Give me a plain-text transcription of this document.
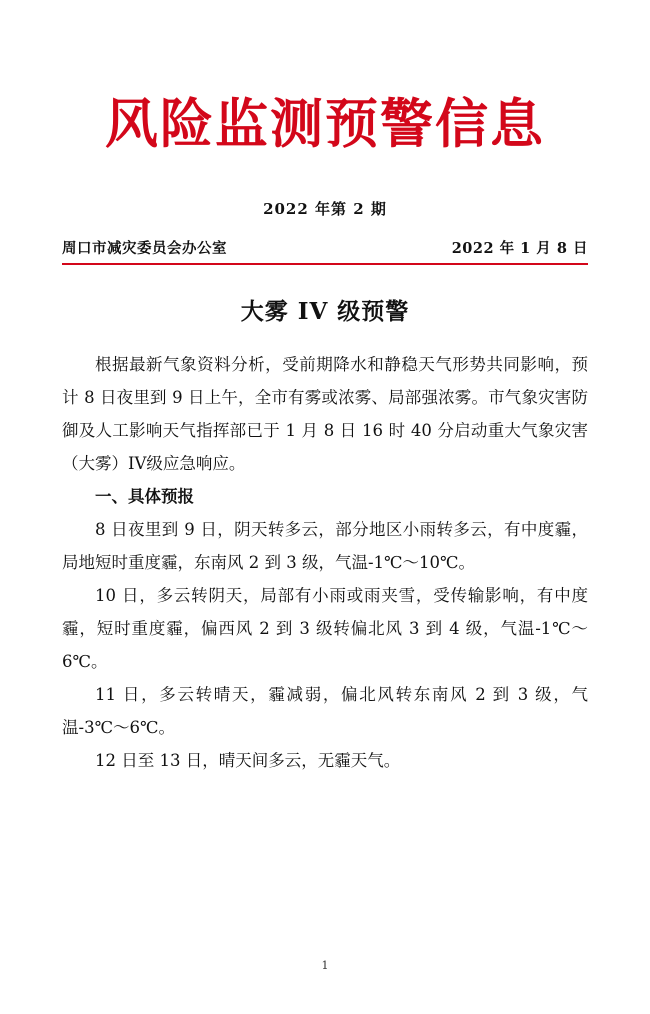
风险监测预警信息
2022 年第 2 期
周口市减灾委员会办公室	2022 年 1 月 8 日
大雾 IV 级预警

根据最新气象资料分析，受前期降水和静稳天气形势共同影响，预计 8 日夜里到 9 日上午，全市有雾或浓雾、局部强浓雾。市气象灾害防御及人工影响天气指挥部已于 1 月 8 日 16 时 40 分启动重大气象灾害（大雾）IV级应急响应。

一、具体预报

8 日夜里到 9 日，阴天转多云，部分地区小雨转多云，有中度霾，局地短时重度霾，东南风 2 到 3 级，气温-1℃～10℃。

10 日，多云转阴天，局部有小雨或雨夹雪，受传输影响，有中度霾，短时重度霾，偏西风 2 到 3 级转偏北风 3 到 4 级，气温-1℃～6℃。

11 日，多云转晴天，霾减弱，偏北风转东南风 2 到 3 级，气温-3℃～6℃。

12 日至 13 日，晴天间多云，无霾天气。

1
